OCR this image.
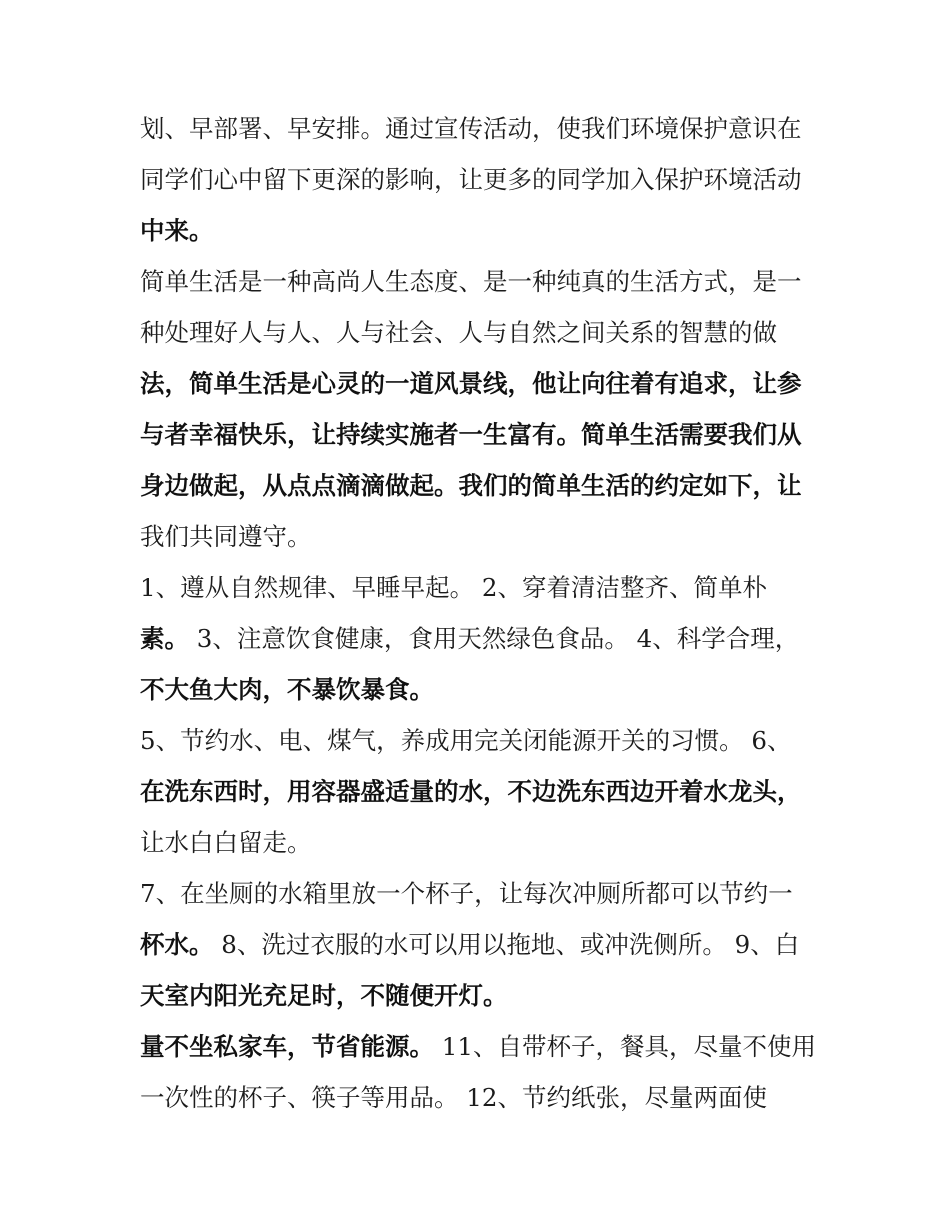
划、早部署、早安排。通过宣传活动，使我们环境保护意识在
同学们心中留下更深的影响，让更多的同学加入保护环境活动
中来。
简单生活是一种高尚人生态度、是一种纯真的生活方式，是一
种处理好人与人、人与社会、人与自然之间关系的智慧的做
法，简单生活是心灵的一道风景线，他让向往着有追求，让参
与者幸福快乐，让持续实施者一生富有。简单生活需要我们从
身边做起，从点点滴滴做起。我们的简单生活的约定如下，让
我们共同遵守。
1、遵从自然规律、早睡早起。 2、穿着清洁整齐、简单朴
素。 3、注意饮食健康，食用天然绿色食品。 4、科学合理，
不大鱼大肉，不暴饮暴食。
5、节约水、电、煤气，养成用完关闭能源开关的习惯。 6、
在洗东西时，用容器盛适量的水，不边洗东西边开着水龙头，
让水白白留走。
7、在坐厕的水箱里放一个杯子，让每次冲厕所都可以节约一
杯水。 8、洗过衣服的水可以用以拖地、或冲洗侧所。 9、白
天室内阳光充足时，不随便开灯。
量不坐私家车，节省能源。 11、自带杯子，餐具，尽量不使用
一次性的杯子、筷子等用品。 12、节约纸张，尽量两面使
